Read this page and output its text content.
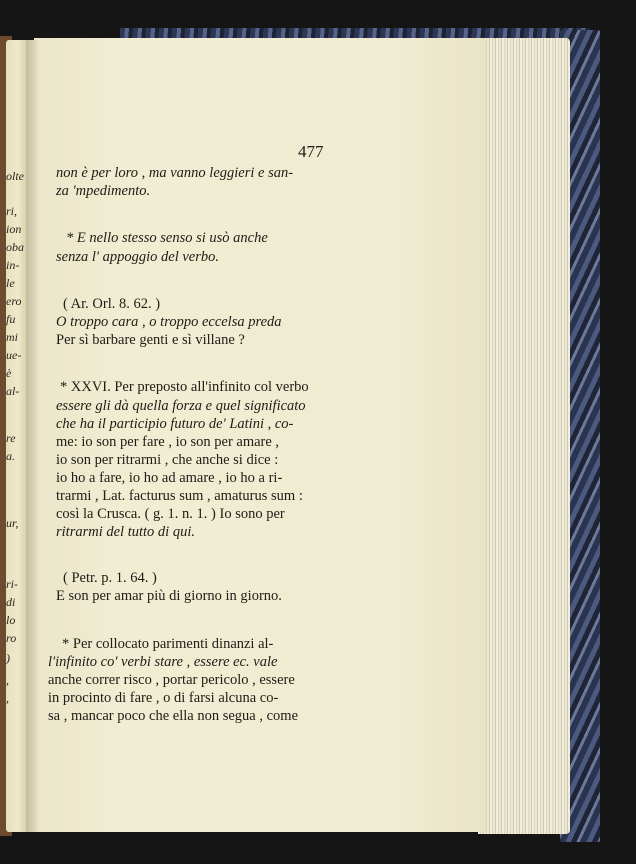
olte
ri,
ion
oba
in-
le
ero
fu
mi
ue-
è
al-
re
a.
ur,
ri-
di
lo
ro
)
,
,
477
non è per loro , ma vanno leggieri e san-
za 'mpedimento.
* E nello stesso senso si usò anche
senza l' appoggio del verbo.
( Ar. Orl. 8. 62. )
O troppo cara , o troppo eccelsa preda
Per sì barbare genti e sì villane ?
* XXVI. Per preposto all'infinito col verbo
essere gli dà quella forza e quel significato
che ha il participio futuro de' Latini , co-
me: io son per fare , io son per amare ,
io son per ritrarmi , che anche si dice :
io ho a fare, io ho ad amare , io ho a ri-
trarmi , Lat. facturus sum , amaturus sum :
così la Crusca. ( g. 1. n. 1. ) Io sono per
ritrarmi del tutto di qui.
( Petr. p. 1. 64. )
E son per amar più di giorno in giorno.
* Per collocato parimenti dinanzi al-
l'infinito co' verbi stare , essere ec. vale
anche correr risco , portar pericolo , essere
in procinto di fare , o di farsi alcuna co-
sa , mancar poco che ella non segua , come
